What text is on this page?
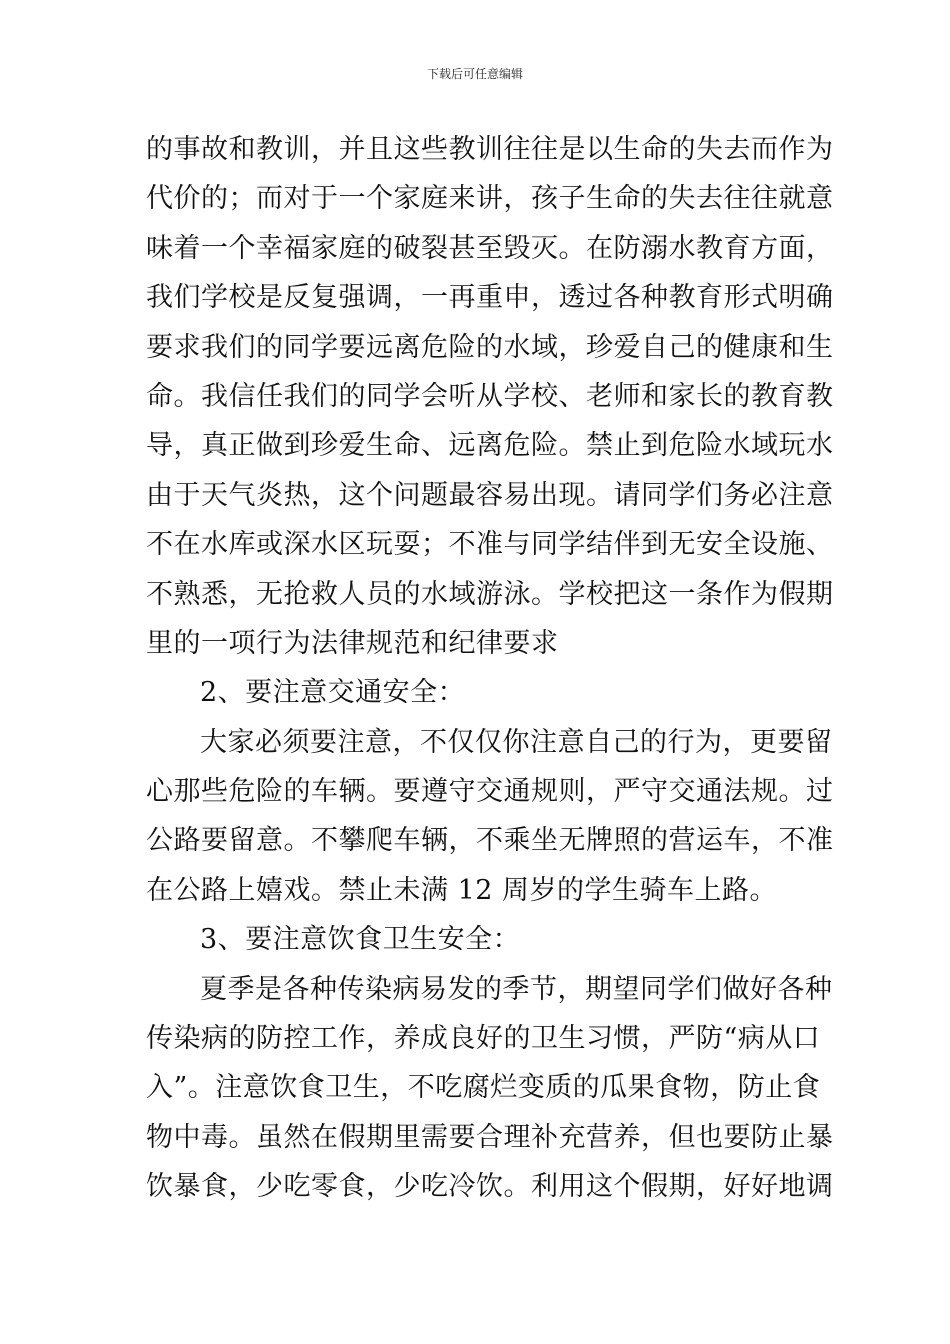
下载后可任意编辑
的事故和教训，并且这些教训往往是以生命的失去而作为
代价的；而对于一个家庭来讲，孩子生命的失去往往就意
味着一个幸福家庭的破裂甚至毁灭。在防溺水教育方面，
我们学校是反复强调，一再重申，透过各种教育形式明确
要求我们的同学要远离危险的水域，珍爱自己的健康和生
命。我信任我们的同学会听从学校、老师和家长的教育教
导，真正做到珍爱生命、远离危险。禁止到危险水域玩水
由于天气炎热，这个问题最容易出现。请同学们务必注意
不在水库或深水区玩耍；不准与同学结伴到无安全设施、
不熟悉，无抢救人员的水域游泳。学校把这一条作为假期
里的一项行为法律规范和纪律要求
2、要注意交通安全：
大家必须要注意，不仅仅你注意自己的行为，更要留
心那些危险的车辆。要遵守交通规则，严守交通法规。过
公路要留意。不攀爬车辆，不乘坐无牌照的营运车，不准
在公路上嬉戏。禁止未满 12 周岁的学生骑车上路。
3、要注意饮食卫生安全：
夏季是各种传染病易发的季节，期望同学们做好各种
传染病的防控工作，养成良好的卫生习惯，严防“病从口
入”。注意饮食卫生，不吃腐烂变质的瓜果食物，防止食
物中毒。虽然在假期里需要合理补充营养，但也要防止暴
饮暴食，少吃零食，少吃冷饮。利用这个假期，好好地调
